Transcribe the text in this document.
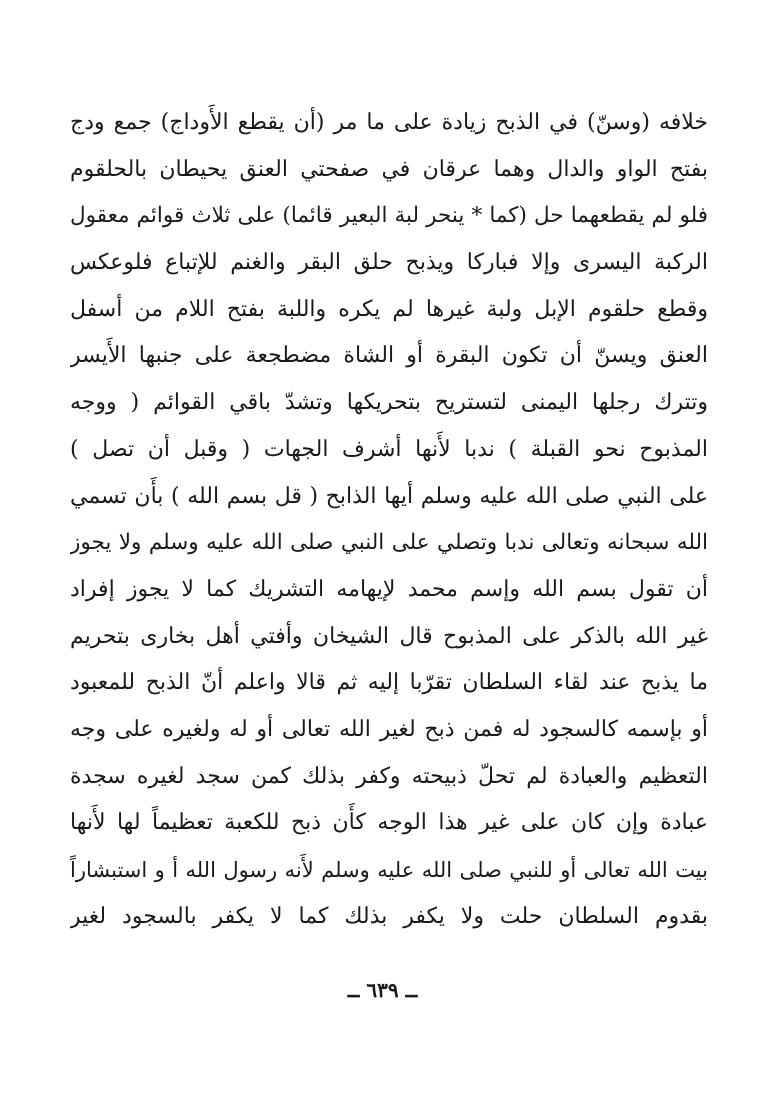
خلافه (وسنّ) في الذبح زيادة على ما مر (أن يقطع الأَوداج) جمع ودج
بفتح الواو والدال وهما عرقان في صفحتي العنق يحيطان بالحلقوم
فلو لم يقطعهما حل (كما * ينحر لبة البعير قائما) على ثلاث قوائم معقول
الركبة اليسرى وإلا فباركا ويذبح حلق البقر والغنم للإتباع فلوعكس
وقطع حلقوم الإبل ولبة غيرها لم يكره واللبة بفتح اللام من أسفل
العنق ويسنّ أن تكون البقرة أو الشاة مضطجعة على جنبها الأَيسر
وتترك رجلها اليمنى لتستريح بتحريكها وتشدّ باقي القوائم ( ووجه
المذبوح نحو القبلة ) ندبا لأَنها أشرف الجهات ( وقبل أن تصل )
على النبي صلى الله عليه وسلم أيها الذابح ( قل بسم الله ) بأَن تسمي
الله سبحانه وتعالى ندبا وتصلي على النبي صلى الله عليه وسلم ولا يجوز
أن تقول بسم الله وإسم محمد لإيهامه التشريك كما لا يجوز إفراد
غير الله بالذكر على المذبوح قال الشيخان وأفتي أهل بخارى بتحريم
ما يذبح عند لقاء السلطان تقرّبا إليه ثم قالا واعلم أنّ الذبح للمعبود
أو بإسمه كالسجود له فمن ذبح لغير الله تعالى أو له ولغيره على وجه
التعظيم والعبادة لم تحلّ ذبيحته وكفر بذلك كمن سجد لغيره سجدة
عبادة وإن كان على غير هذا الوجه كأَن ذبح للكعبة تعظيماً لها لأَنها
بيت الله تعالى أو للنبي صلى الله عليه وسلم لأَنه رسول الله أ و استبشاراً
بقدوم السلطان حلت ولا يكفر بذلك كما لا يكفر بالسجود لغير
ــ ٦٣٩ ــ
